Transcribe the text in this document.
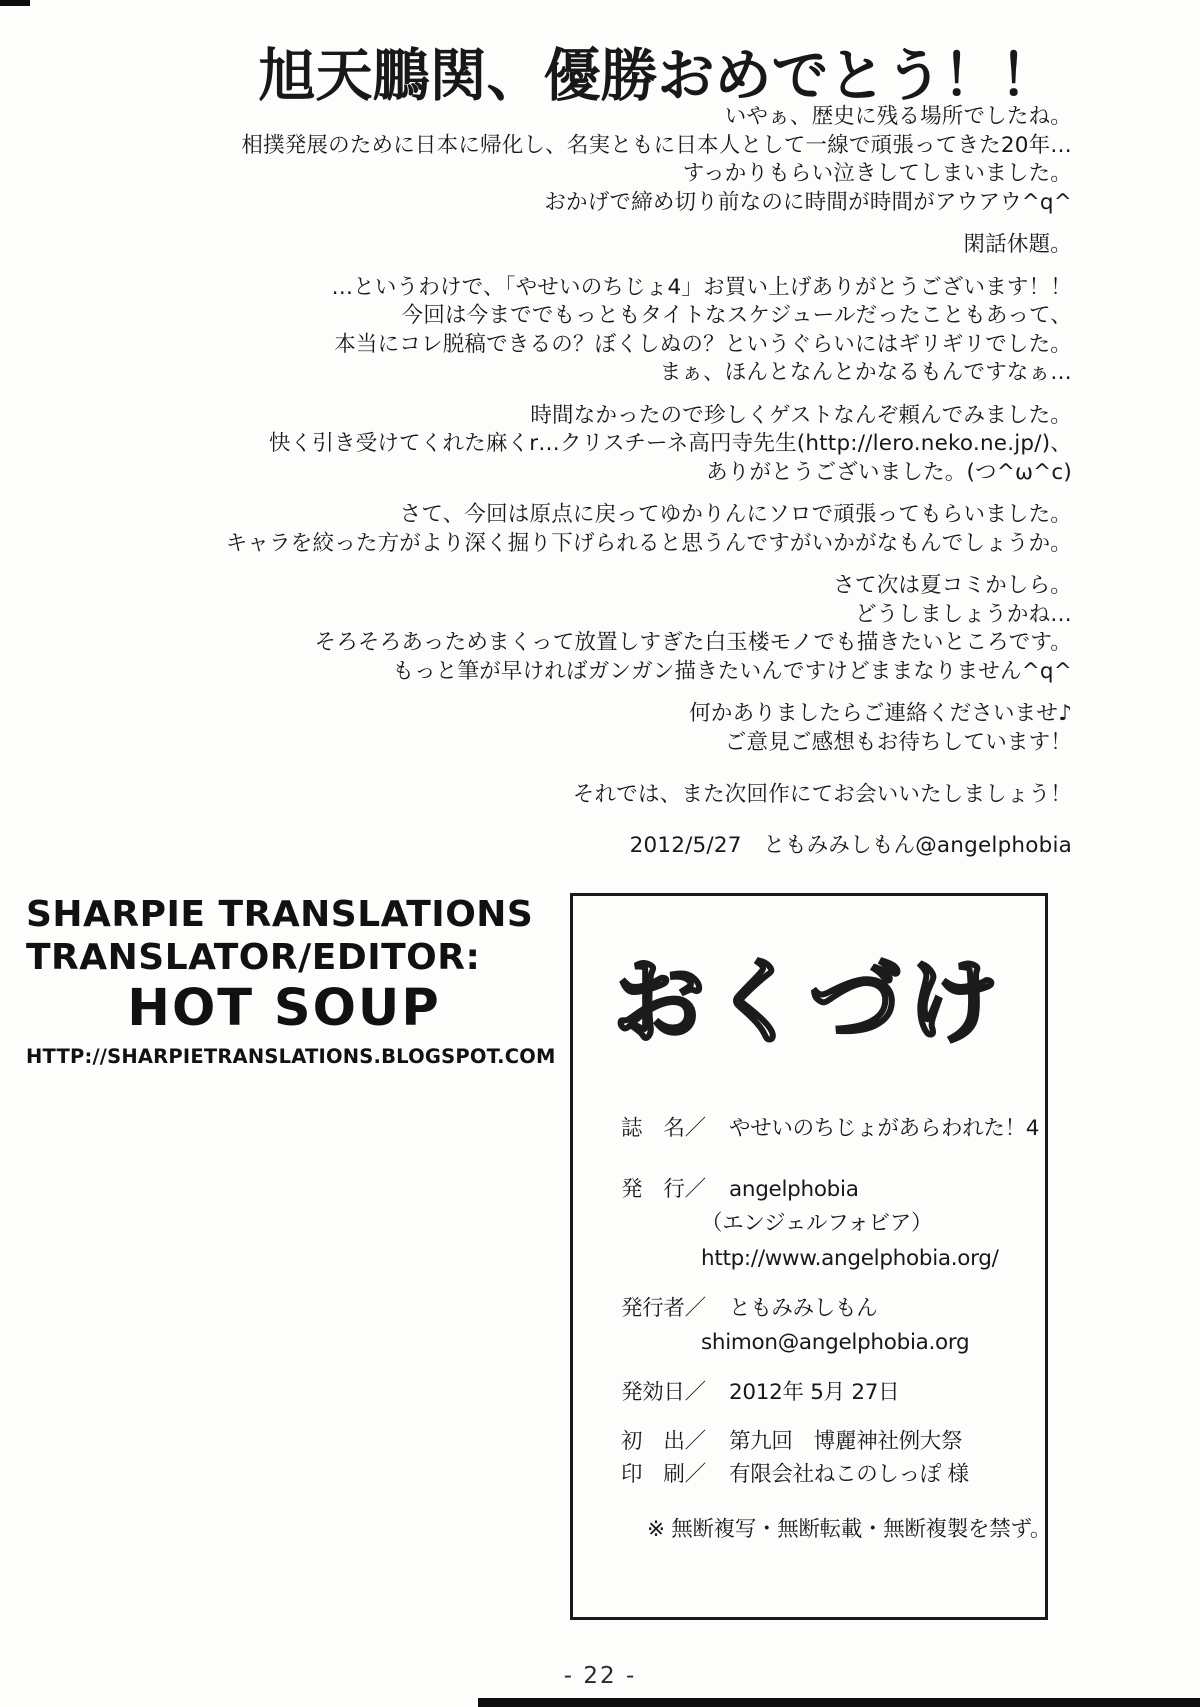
旭天鵬関、優勝おめでとう！！
いやぁ、歴史に残る場所でしたね。
相撲発展のために日本に帰化し、名実ともに日本人として一線で頑張ってきた20年…
すっかりもらい泣きしてしまいました。
おかげで締め切り前なのに時間が時間がアウアウ^q^
閑話休題。
…というわけで、「やせいのちじょ4」お買い上げありがとうございます！！
今回は今まででもっともタイトなスケジュールだったこともあって、
本当にコレ脱稿できるの？ぼくしぬの？というぐらいにはギリギリでした。
まぁ、ほんとなんとかなるもんですなぁ…
時間なかったので珍しくゲストなんぞ頼んでみました。
快く引き受けてくれた麻くr…クリスチーネ高円寺先生(http://lero.neko.ne.jp/)、
ありがとうございました。(つ^ω^c)
さて、今回は原点に戻ってゆかりんにソロで頑張ってもらいました。
キャラを絞った方がより深く掘り下げられると思うんですがいかがなもんでしょうか。
さて次は夏コミかしら。
どうしましょうかね…
そろそろあっためまくって放置しすぎた白玉楼モノでも描きたいところです。
もっと筆が早ければガンガン描きたいんですけどままなりません^q^
何かありましたらご連絡くださいませ♪
ご意見ご感想もお待ちしています！
それでは、また次回作にてお会いいたしましょう！
2012/5/27　ともみみしもん@angelphobia
SHARPIE TRANSLATIONS
TRANSLATOR/EDITOR:
HOT SOUP
HTTP://SHARPIETRANSLATIONS.BLOGSPOT.COM
おくづけ
誌　名／ やせいのちじょがあらわれた！4
発　行／ angelphobia
（エンジェルフォビア）
http://www.angelphobia.org/
発行者／ ともみみしもん
shimon@angelphobia.org
発効日／ 2012年 5月 27日
初　出／ 第九回　博麗神社例大祭
印　刷／ 有限会社ねこのしっぽ 様
※ 無断複写・無断転載・無断複製を禁ず。
- 22 -
